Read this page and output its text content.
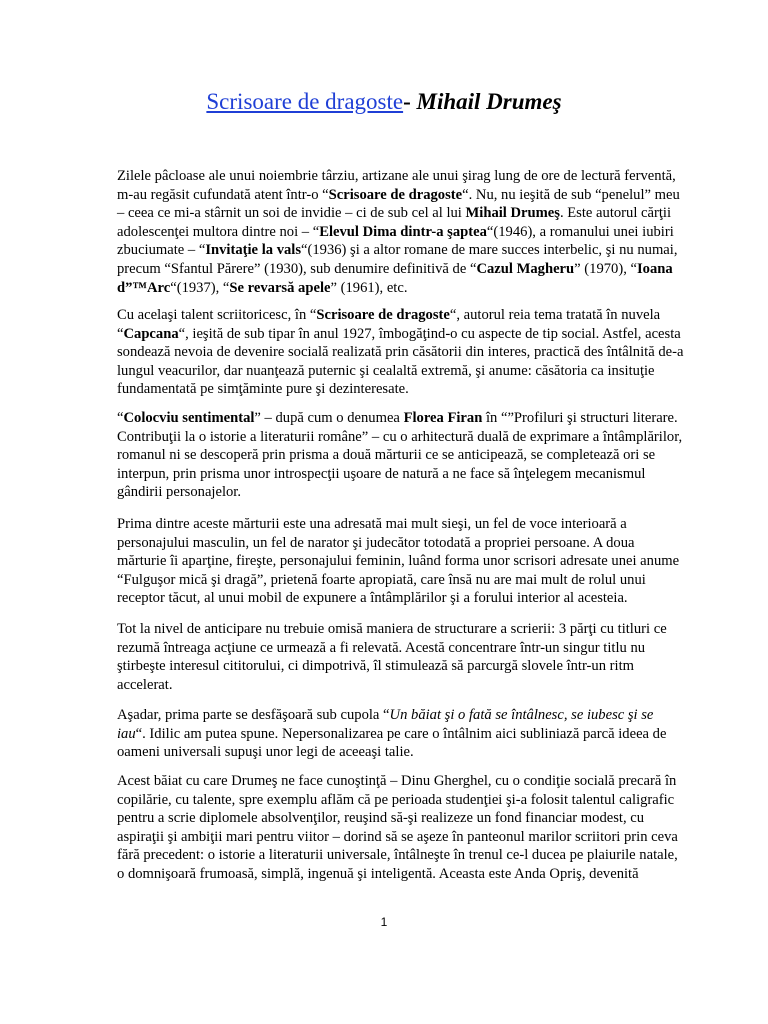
Scrisoare de dragoste- Mihail Drumeş
Zilele pâcloase ale unui noiembrie târziu, artizane ale unui şirag lung de ore de lectură ferventă,
m-au regăsit cufundată atent într-o “Scrisoare de dragoste“. Nu, nu ieşită de sub “penelul” meu
– ceea ce mi-a stârnit un soi de invidie – ci de sub cel al lui Mihail Drumeş. Este autorul cărţii
adolescenţei multora dintre noi – “Elevul Dima dintr-a şaptea“(1946), a romanului unei iubiri
zbuciumate – “Invitaţie la vals“(1936) şi a altor romane de mare succes interbelic, şi nu numai,
precum “Sfantul Părere” (1930), sub denumire definitivă de “Cazul Magheru” (1970), “Ioana
d”™Arc“(1937), “Se revarsă apele” (1961), etc.
Cu acelaşi talent scriitoricesc, în “Scrisoare de dragoste“, autorul reia tema tratată în nuvela
“Capcana“, ieşită de sub tipar în anul 1927, îmbogăţind-o cu aspecte de tip social. Astfel, acesta
sondează nevoia de devenire socială realizată prin căsătorii din interes, practică des întâlnită de-a
lungul veacurilor, dar nuanţează puternic şi cealaltă extremă, şi anume: căsătoria ca insituţie
fundamentată pe simţăminte pure şi dezinteresate.
“Colocviu sentimental” – după cum o denumea Florea Firan în “”Profiluri şi structuri literare.
Contribuţii la o istorie a literaturii române” – cu o arhitectură duală de exprimare a întâmplărilor,
romanul ni se descoperă prin prisma a două mărturii ce se anticipează, se completează ori se
interpun, prin prisma unor introspecţii uşoare de natură a ne face să înţelegem mecanismul
gândirii personajelor.
Prima dintre aceste mărturii este una adresată mai mult sieşi, un fel de voce interioară a
personajului masculin, un fel de narator şi judecător totodată a propriei persoane. A doua
mărturie îi aparţine, fireşte, personajului feminin, luând forma unor scrisori adresate unei anume
“Fulguşor mică şi dragă”, prietenă foarte apropiată, care însă nu are mai mult de rolul unui
receptor tăcut, al unui mobil de expunere a întâmplărilor şi a forului interior al acesteia.
Tot la nivel de anticipare nu trebuie omisă maniera de structurare a scrierii: 3 părţi cu titluri ce
rezumă întreaga acţiune ce urmează a fi relevată. Acestă concentrare într-un singur titlu nu
ştirbeşte interesul cititorului, ci dimpotrivă, îl stimulează să parcurgă slovele într-un ritm
accelerat.
Aşadar, prima parte se desfăşoară sub cupola “Un băiat şi o fată se întâlnesc, se iubesc şi se
iau“. Idilic am putea spune. Nepersonalizarea pe care o întâlnim aici subliniază parcă ideea de
oameni universali supuşi unor legi de aceeaşi talie.
Acest băiat cu care Drumeş ne face cunoştinţă – Dinu Gherghel, cu o condiţie socială precară în
copilărie, cu talente, spre exemplu aflăm că pe perioada studenţiei şi-a folosit talentul caligrafic
pentru a scrie diplomele absolvenţilor, reuşind să-şi realizeze un fond financiar modest, cu
aspiraţii şi ambiţii mari pentru viitor – dorind să se aşeze în panteonul marilor scriitori prin ceva
fără precedent: o istorie a literaturii universale, întâlneşte în trenul ce-l ducea pe plaiurile natale,
o domnişoară frumoasă, simplă, ingenuă şi inteligentă. Aceasta este Anda Opriş, devenită
1
